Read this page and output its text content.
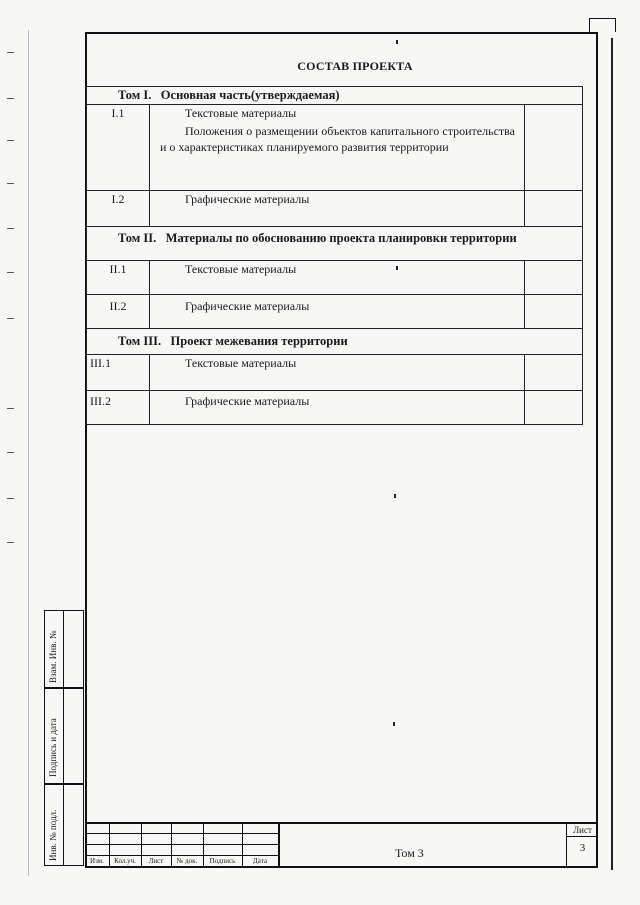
СОСТАВ ПРОЕКТА
Том I. Основная часть(утверждаемая)		
I.1	Текстовые материалы
Положения о размещении объектов капитального строительства и о характеристиках планируемого развития территории	

I.2	Графические материалы	

Том II. Материалы по обоснованию проекта планировки территории		
II.1	Текстовые материалы	

II.2	Графические материалы	

Том III. Проект межевания территории		
III.1	Текстовые материалы	

III.2	Графические материалы	

Взам. Инв. №
Подпись и дата
Инв. № подл.	Изм.	Кол.уч.	Лист	№ док.	Подпись	Дата
Том 3
Лист
3
